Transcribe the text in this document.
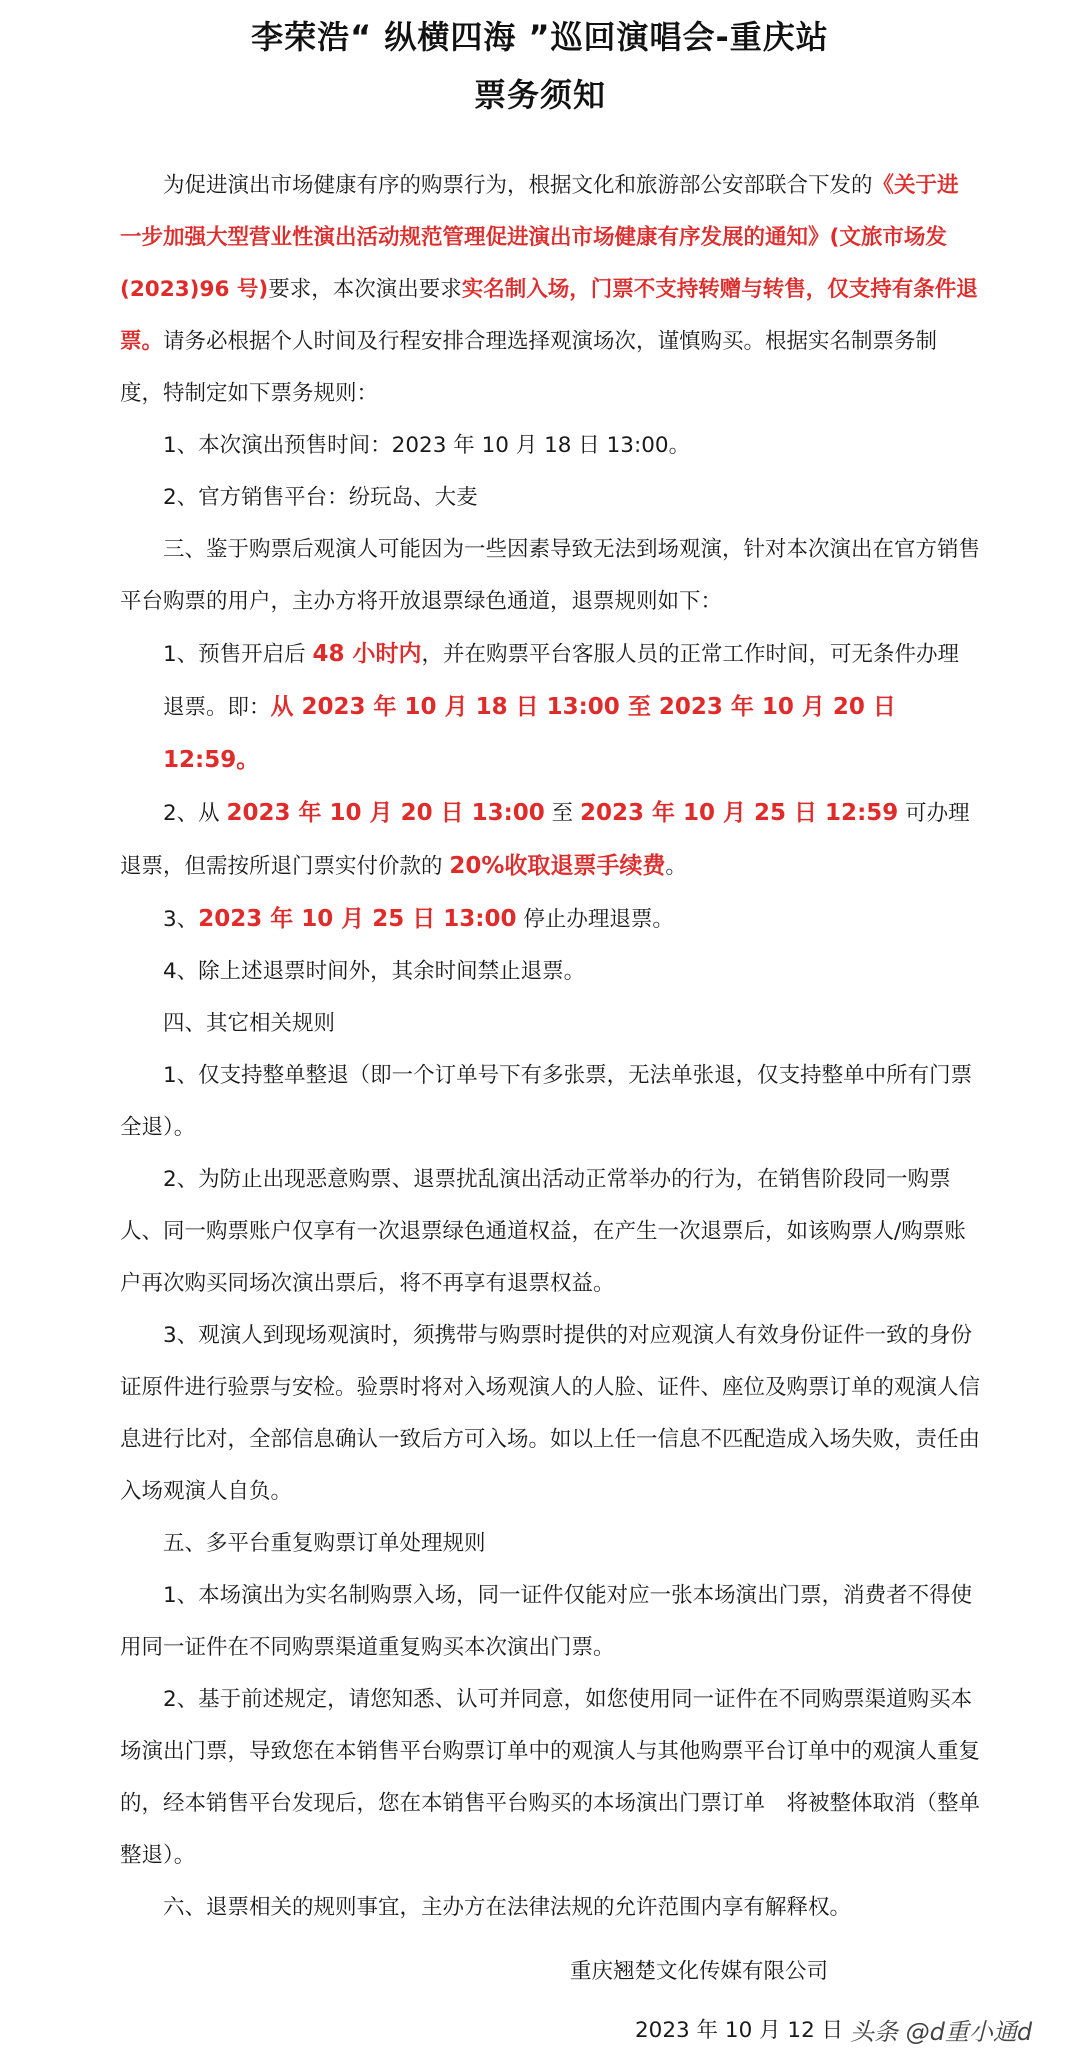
李荣浩“ 纵横四海 ”巡回演唱会-重庆站
票务须知

为促进演出市场健康有序的购票行为，根据文化和旅游部公安部联合下发的《关于进一步加强大型营业性演出活动规范管理促进演出市场健康有序发展的通知》(文旅市场发(2023)96 号)要求，本次演出要求实名制入场，门票不支持转赠与转售，仅支持有条件退票。请务必根据个人时间及行程安排合理选择观演场次，谨慎购买。根据实名制票务制度，特制定如下票务规则：

1、本次演出预售时间：2023 年 10 月 18 日 13:00。

2、官方销售平台：纷玩岛、大麦

三、鉴于购票后观演人可能因为一些因素导致无法到场观演，针对本次演出在官方销售平台购票的用户，主办方将开放退票绿色通道，退票规则如下：

1、预售开启后 48 小时内，并在购票平台客服人员的正常工作时间，可无条件办理退票。即：从 2023 年 10 月 18 日 13:00 至 2023 年 10 月 20 日 12:59。

2、从 2023 年 10 月 20 日 13:00 至 2023 年 10 月 25 日 12:59 可办理退票，但需按所退门票实付价款的 20%收取退票手续费。

3、2023 年 10 月 25 日 13:00 停止办理退票。

4、除上述退票时间外，其余时间禁止退票。

四、其它相关规则

1、仅支持整单整退（即一个订单号下有多张票，无法单张退，仅支持整单中所有门票全退）。

2、为防止出现恶意购票、退票扰乱演出活动正常举办的行为，在销售阶段同一购票人、同一购票账户仅享有一次退票绿色通道权益，在产生一次退票后，如该购票人/购票账户再次购买同场次演出票后，将不再享有退票权益。

3、观演人到现场观演时，须携带与购票时提供的对应观演人有效身份证件一致的身份证原件进行验票与安检。验票时将对入场观演人的人脸、证件、座位及购票订单的观演人信息进行比对，全部信息确认一致后方可入场。如以上任一信息不匹配造成入场失败，责任由入场观演人自负。

五、多平台重复购票订单处理规则

1、本场演出为实名制购票入场，同一证件仅能对应一张本场演出门票，消费者不得使用同一证件在不同购票渠道重复购买本次演出门票。

2、基于前述规定，请您知悉、认可并同意，如您使用同一证件在不同购票渠道购买本场演出门票，导致您在本销售平台购票订单中的观演人与其他购票平台订单中的观演人重复的，经本销售平台发现后，您在本销售平台购买的本场演出门票订单　将被整体取消（整单整退）。

六、退票相关的规则事宜，主办方在法律法规的允许范围内享有解释权。

重庆翘楚文化传媒有限公司
2023 年 10 月 12 日 头条 @d重小通d
